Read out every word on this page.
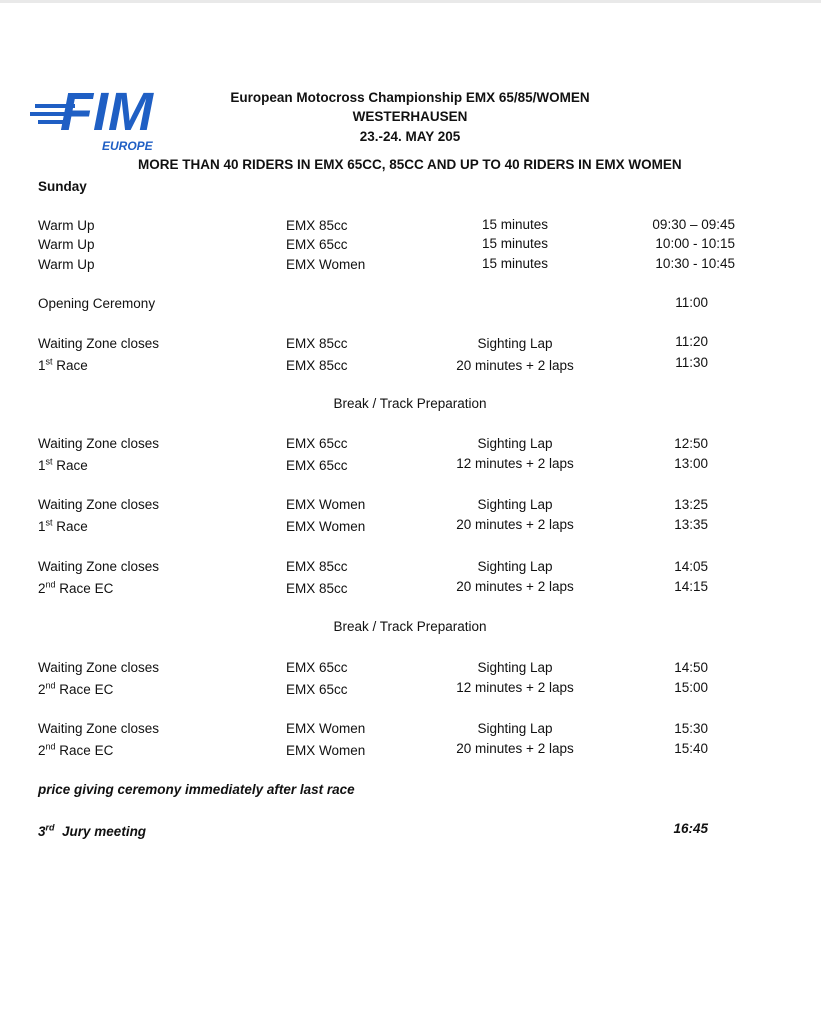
FIM
EUROPE
European Motocross Championship EMX 65/85/WOMEN
WESTERHAUSEN
23.-24. MAY 205
MORE THAN 40 RIDERS IN EMX 65CC, 85CC AND UP TO 40 RIDERS IN EMX WOMEN
Sunday
Warm Up	EMX 85cc	15 minutes	09:30 – 09:45
Warm Up	EMX 65cc	15 minutes	10:00 - 10:15
Warm Up	EMX Women	15 minutes	10:30 - 10:45
Opening Ceremony	11:00
Waiting Zone closes	EMX 85cc	Sighting Lap	11:20
1st Race	EMX 85cc	20 minutes + 2 laps	11:30
Break / Track Preparation
Waiting Zone closes	EMX 65cc	Sighting Lap	12:50
1st Race	EMX 65cc	12 minutes + 2 laps	13:00
Waiting Zone closes	EMX Women	Sighting Lap	13:25
1st Race	EMX Women	20 minutes + 2 laps	13:35
Waiting Zone closes	EMX 85cc	Sighting Lap	14:05
2nd Race EC	EMX 85cc	20 minutes + 2 laps	14:15
Break / Track Preparation
Waiting Zone closes	EMX 65cc	Sighting Lap	14:50
2nd Race EC	EMX 65cc	12 minutes + 2 laps	15:00
Waiting Zone closes	EMX Women	Sighting Lap	15:30
2nd Race EC	EMX Women	20 minutes + 2 laps	15:40
price giving ceremony immediately after last race
3rd Jury meeting	16:45
